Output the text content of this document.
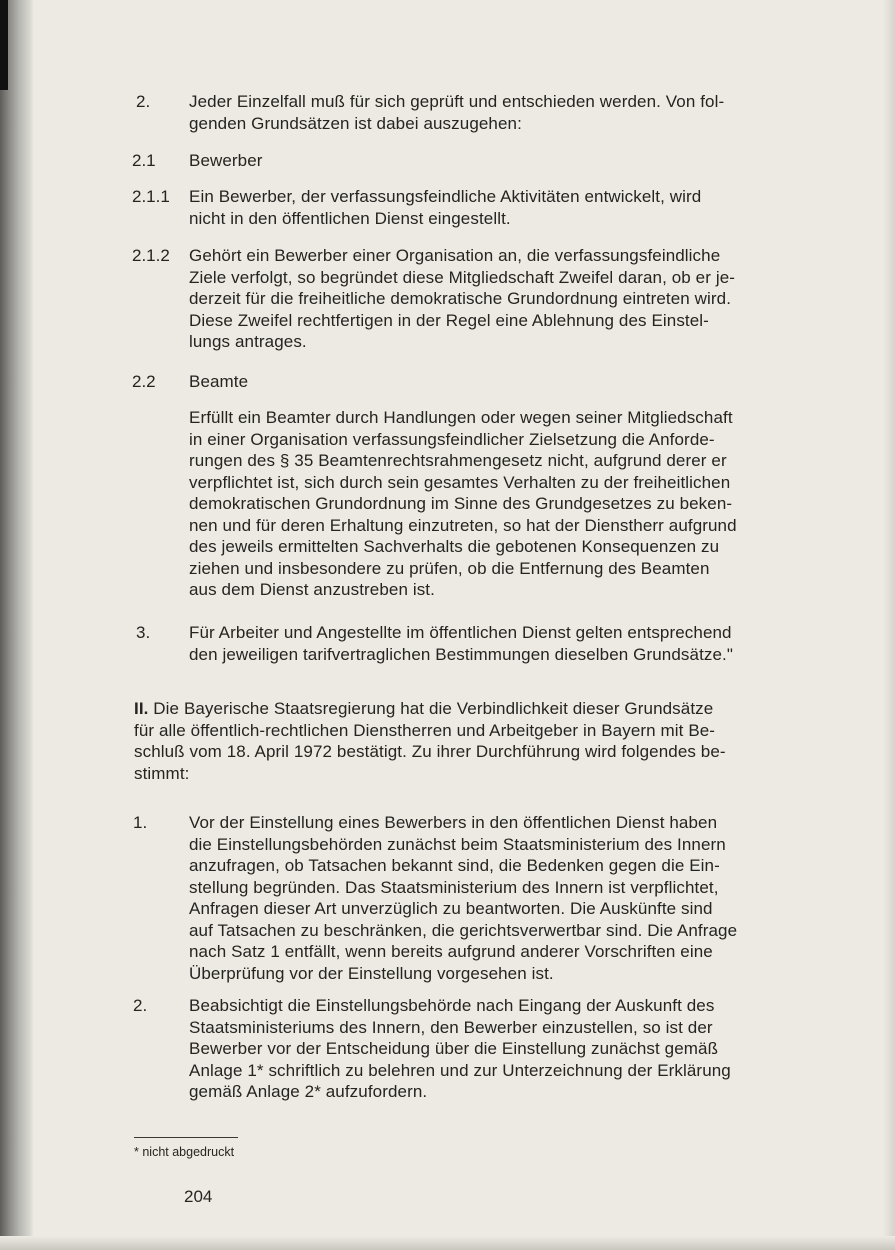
2. Jeder Einzelfall muß für sich geprüft und entschieden werden. Von fol-
genden Grundsätzen ist dabei auszugehen:
2.1 Bewerber
2.1.1 Ein Bewerber, der verfassungsfeindliche Aktivitäten entwickelt, wird
nicht in den öffentlichen Dienst eingestellt.
2.1.2 Gehört ein Bewerber einer Organisation an, die verfassungsfeindliche
Ziele verfolgt, so begründet diese Mitgliedschaft Zweifel daran, ob er je-
derzeit für die freiheitliche demokratische Grundordnung eintreten wird.
Diese Zweifel rechtfertigen in der Regel eine Ablehnung des Einstel-
lungs antrages.
2.2 Beamte
Erfüllt ein Beamter durch Handlungen oder wegen seiner Mitgliedschaft
in einer Organisation verfassungsfeindlicher Zielsetzung die Anforde-
rungen des § 35 Beamtenrechtsrahmengesetz nicht, aufgrund derer er
verpflichtet ist, sich durch sein gesamtes Verhalten zu der freiheitlichen
demokratischen Grundordnung im Sinne des Grundgesetzes zu beken-
nen und für deren Erhaltung einzutreten, so hat der Dienstherr aufgrund
des jeweils ermittelten Sachverhalts die gebotenen Konsequenzen zu
ziehen und insbesondere zu prüfen, ob die Entfernung des Beamten
aus dem Dienst anzustreben ist.
3. Für Arbeiter und Angestellte im öffentlichen Dienst gelten entsprechend
den jeweiligen tarifvertraglichen Bestimmungen dieselben Grundsätze."
II. Die Bayerische Staatsregierung hat die Verbindlichkeit dieser Grundsätze
für alle öffentlich-rechtlichen Dienstherren und Arbeitgeber in Bayern mit Be-
schluß vom 18. April 1972 bestätigt. Zu ihrer Durchführung wird folgendes be-
stimmt:
1. Vor der Einstellung eines Bewerbers in den öffentlichen Dienst haben
die Einstellungsbehörden zunächst beim Staatsministerium des Innern
anzufragen, ob Tatsachen bekannt sind, die Bedenken gegen die Ein-
stellung begründen. Das Staatsministerium des Innern ist verpflichtet,
Anfragen dieser Art unverzüglich zu beantworten. Die Auskünfte sind
auf Tatsachen zu beschränken, die gerichtsverwertbar sind. Die Anfrage
nach Satz 1 entfällt, wenn bereits aufgrund anderer Vorschriften eine
Überprüfung vor der Einstellung vorgesehen ist.
2. Beabsichtigt die Einstellungsbehörde nach Eingang der Auskunft des
Staatsministeriums des Innern, den Bewerber einzustellen, so ist der
Bewerber vor der Entscheidung über die Einstellung zunächst gemäß
Anlage 1* schriftlich zu belehren und zur Unterzeichnung der Erklärung
gemäß Anlage 2* aufzufordern.
* nicht abgedruckt
204
